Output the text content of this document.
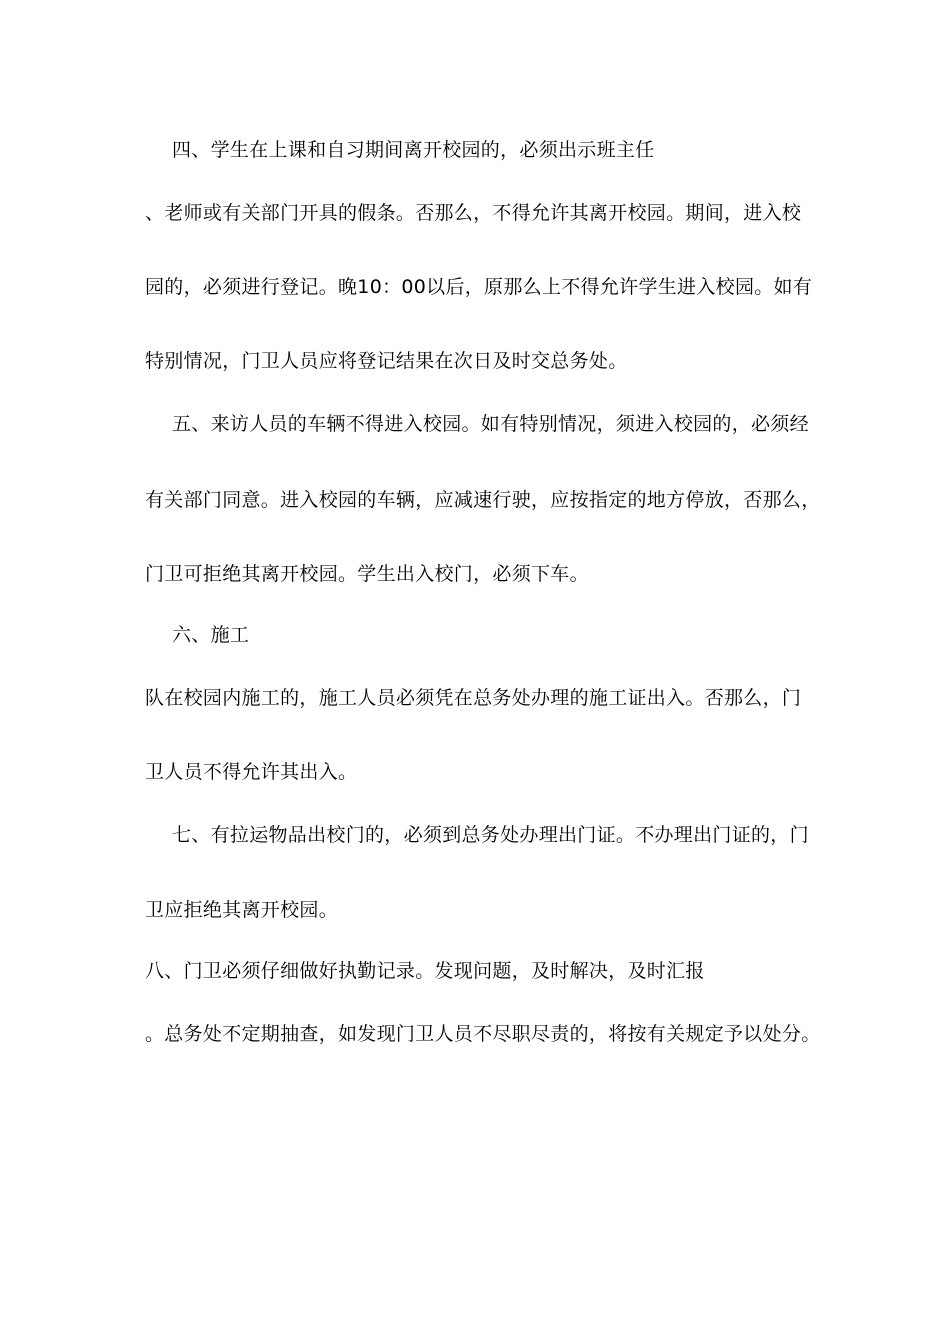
四、学生在上课和自习期间离开校园的，必须出示班主任
、老师或有关部门开具的假条。否那么，不得允许其离开校园。期间，进入校
园的，必须进行登记。晚10：00以后，原那么上不得允许学生进入校园。如有
特别情况，门卫人员应将登记结果在次日及时交总务处。
五、来访人员的车辆不得进入校园。如有特别情况，须进入校园的，必须经
有关部门同意。进入校园的车辆，应减速行驶，应按指定的地方停放，否那么，
门卫可拒绝其离开校园。学生出入校门，必须下车。
六、施工
队在校园内施工的，施工人员必须凭在总务处办理的施工证出入。否那么，门
卫人员不得允许其出入。
七、有拉运物品出校门的，必须到总务处办理出门证。不办理出门证的，门
卫应拒绝其离开校园。
八、门卫必须仔细做好执勤记录。发现问题，及时解决，及时汇报
。总务处不定期抽查，如发现门卫人员不尽职尽责的，将按有关规定予以处分。
